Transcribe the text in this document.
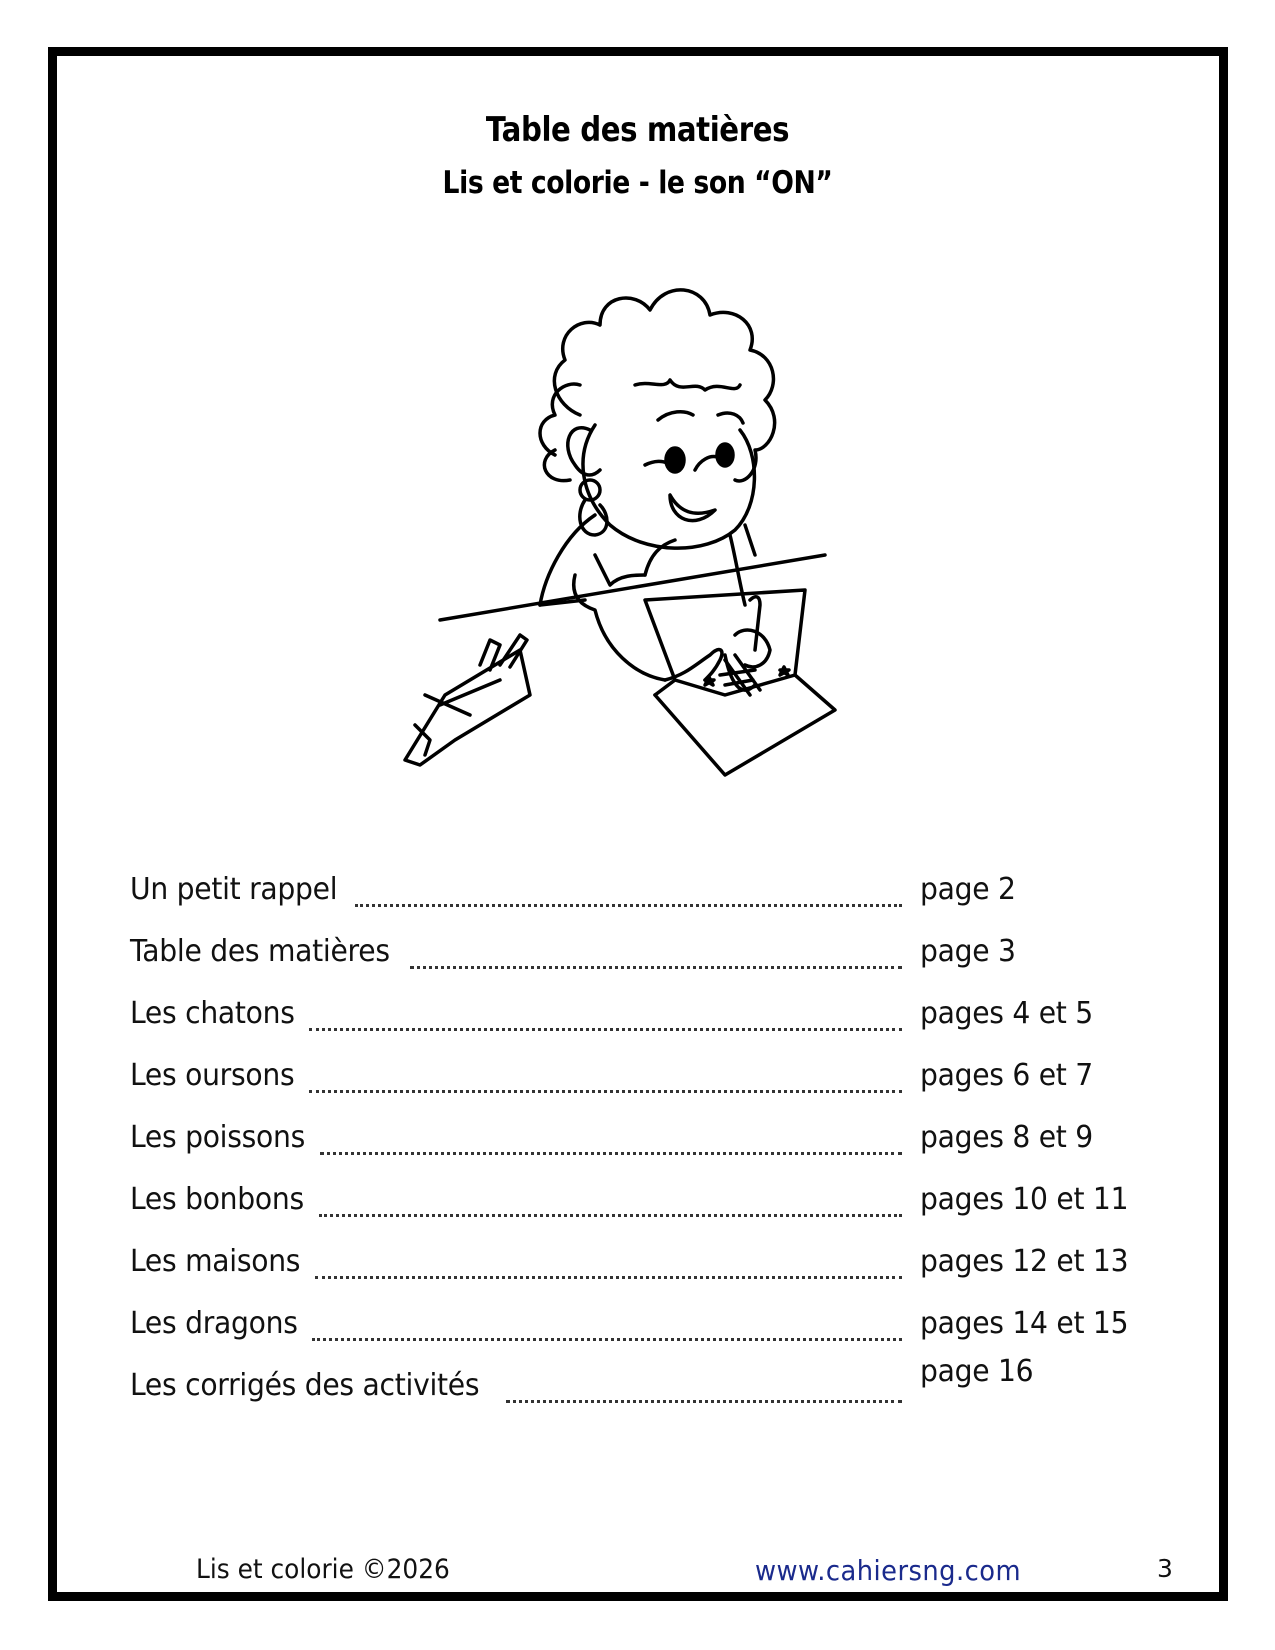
Table des matières
Lis et colorie - le son “ON”
Un petit rappel	page 2
Table des matières	page 3
Les chatons	pages 4 et 5
Les oursons	pages 6 et 7
Les poissons	pages 8 et 9
Les bonbons	pages 10 et 11
Les maisons	pages 12 et 13
Les dragons	pages 14 et 15
Les corrigés des activités	page 16
Lis et colorie ©2026	www.cahiersng.com	3
